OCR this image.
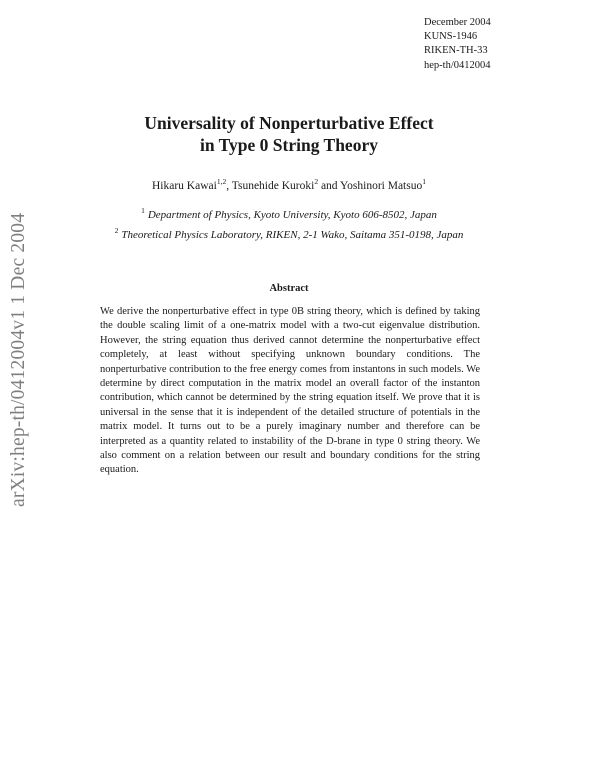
December 2004
KUNS-1946
RIKEN-TH-33
hep-th/0412004
arXiv:hep-th/0412004v1 1 Dec 2004
Universality of Nonperturbative Effect
in Type 0 String Theory
Hikaru Kawai$^{1,2}$, Tsunehide Kuroki$^2$ and Yoshinori Matsuo$^1$
$^1$ Department of Physics, Kyoto University, Kyoto 606-8502, Japan
$^2$ Theoretical Physics Laboratory, RIKEN, 2-1 Wako, Saitama 351-0198, Japan
Abstract
We derive the nonperturbative effect in type 0B string theory, which is defined by taking the double scaling limit of a one-matrix model with a two-cut eigenvalue distribution. However, the string equation thus derived cannot determine the nonperturbative effect completely, at least without specifying unknown boundary conditions. The nonperturbative contribution to the free energy comes from instantons in such models. We determine by direct computation in the matrix model an overall factor of the instanton contribution, which cannot be determined by the string equation itself. We prove that it is universal in the sense that it is independent of the detailed structure of potentials in the matrix model. It turns out to be a purely imaginary number and therefore can be interpreted as a quantity related to instability of the D-brane in type 0 string theory. We also comment on a relation between our result and boundary conditions for the string equation.
